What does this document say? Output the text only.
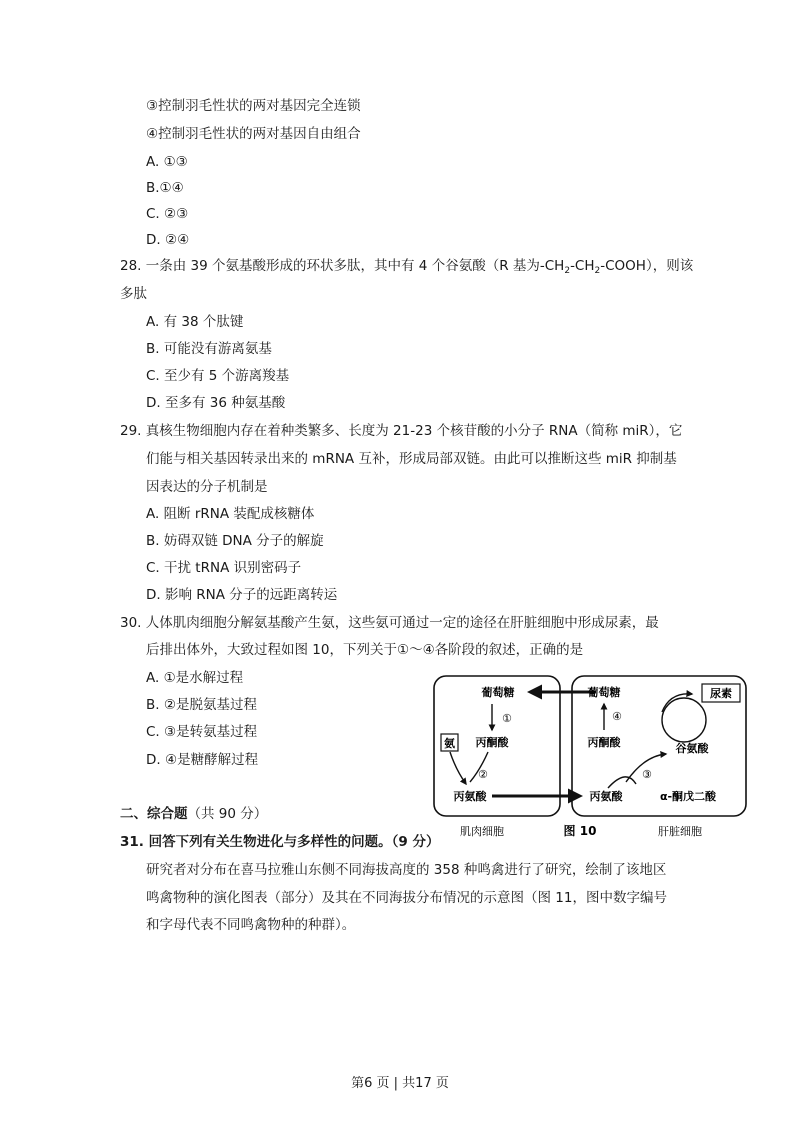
③控制羽毛性状的两对基因完全连锁
④控制羽毛性状的两对基因自由组合
A. ①③
B.①④
C. ②③
D. ②④
28. 一条由 39 个氨基酸形成的环状多肽，其中有 4 个谷氨酸（R 基为$-CH_2-CH_2-COOH$），则该
多肽
A. 有 38 个肽键
B. 可能没有游离氨基
C. 至少有 5 个游离羧基
D. 至多有 36 种氨基酸
29. 真核生物细胞内存在着种类繁多、长度为 21-23 个核苷酸的小分子 RNA（简称 miR），它
们能与相关基因转录出来的 mRNA 互补，形成局部双链。由此可以推断这些 miR 抑制基
因表达的分子机制是
A. 阻断 rRNA 装配成核糖体
B. 妨碍双链 DNA 分子的解旋
C. 干扰 tRNA 识别密码子
D. 影响 RNA 分子的远距离转运
30. 人体肌肉细胞分解氨基酸产生氨，这些氨可通过一定的途径在肝脏细胞中形成尿素，最
后排出体外，大致过程如图 10，下列关于①～④各阶段的叙述，正确的是
A. ①是水解过程
B. ②是脱氨基过程
C. ③是转氨基过程
D. ④是糖酵解过程
葡萄糖
①
丙酮酸
氨
②
丙氨酸
葡萄糖
④
丙酮酸
③
丙氨酸	α-酮戊二酸
谷氨酸
尿素
肌肉细胞	图 10	肝脏细胞
二、综合题（共 90 分）
31. 回答下列有关生物进化与多样性的问题。（9 分）
研究者对分布在喜马拉雅山东侧不同海拔高度的 358 种鸣禽进行了研究，绘制了该地区
鸣禽物种的演化图表（部分）及其在不同海拔分布情况的示意图（图 11，图中数字编号
和字母代表不同鸣禽物种的种群）。
第6 页 | 共17 页
